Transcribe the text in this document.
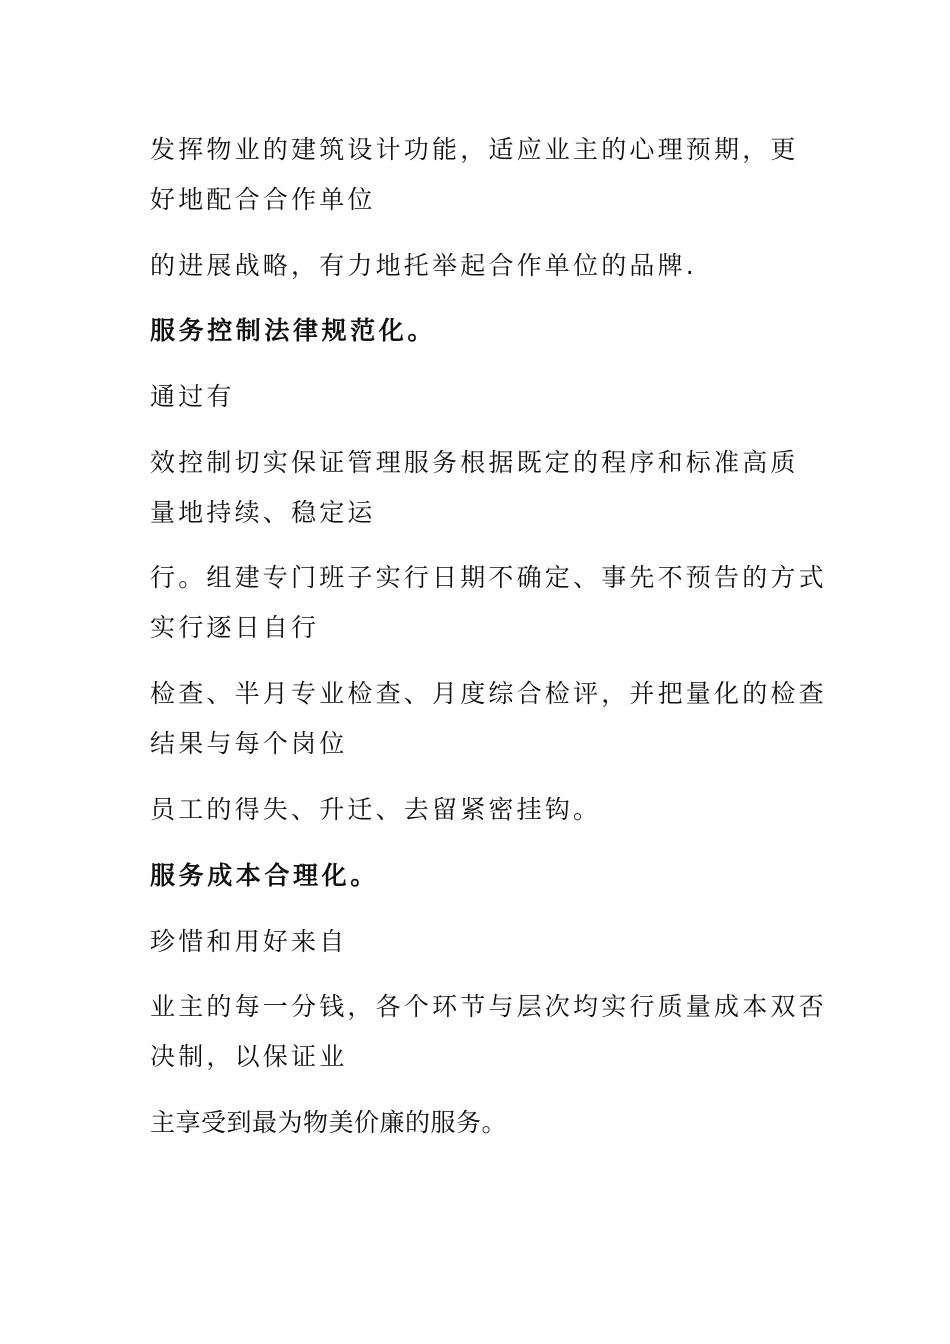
发挥物业的建筑设计功能，适应业主的心理预期，更
好地配合合作单位

的进展战略，有力地托举起合作单位的品牌.

服务控制法律规范化。

通过有

效控制切实保证管理服务根据既定的程序和标准高质
量地持续、稳定运

行。组建专门班子实行日期不确定、事先不预告的方式
实行逐日自行

检查、半月专业检查、月度综合检评，并把量化的检查
结果与每个岗位

员工的得失、升迁、去留紧密挂钩。

服务成本合理化。

珍惜和用好来自

业主的每一分钱，各个环节与层次均实行质量成本双否
决制，以保证业

主享受到最为物美价廉的服务。
